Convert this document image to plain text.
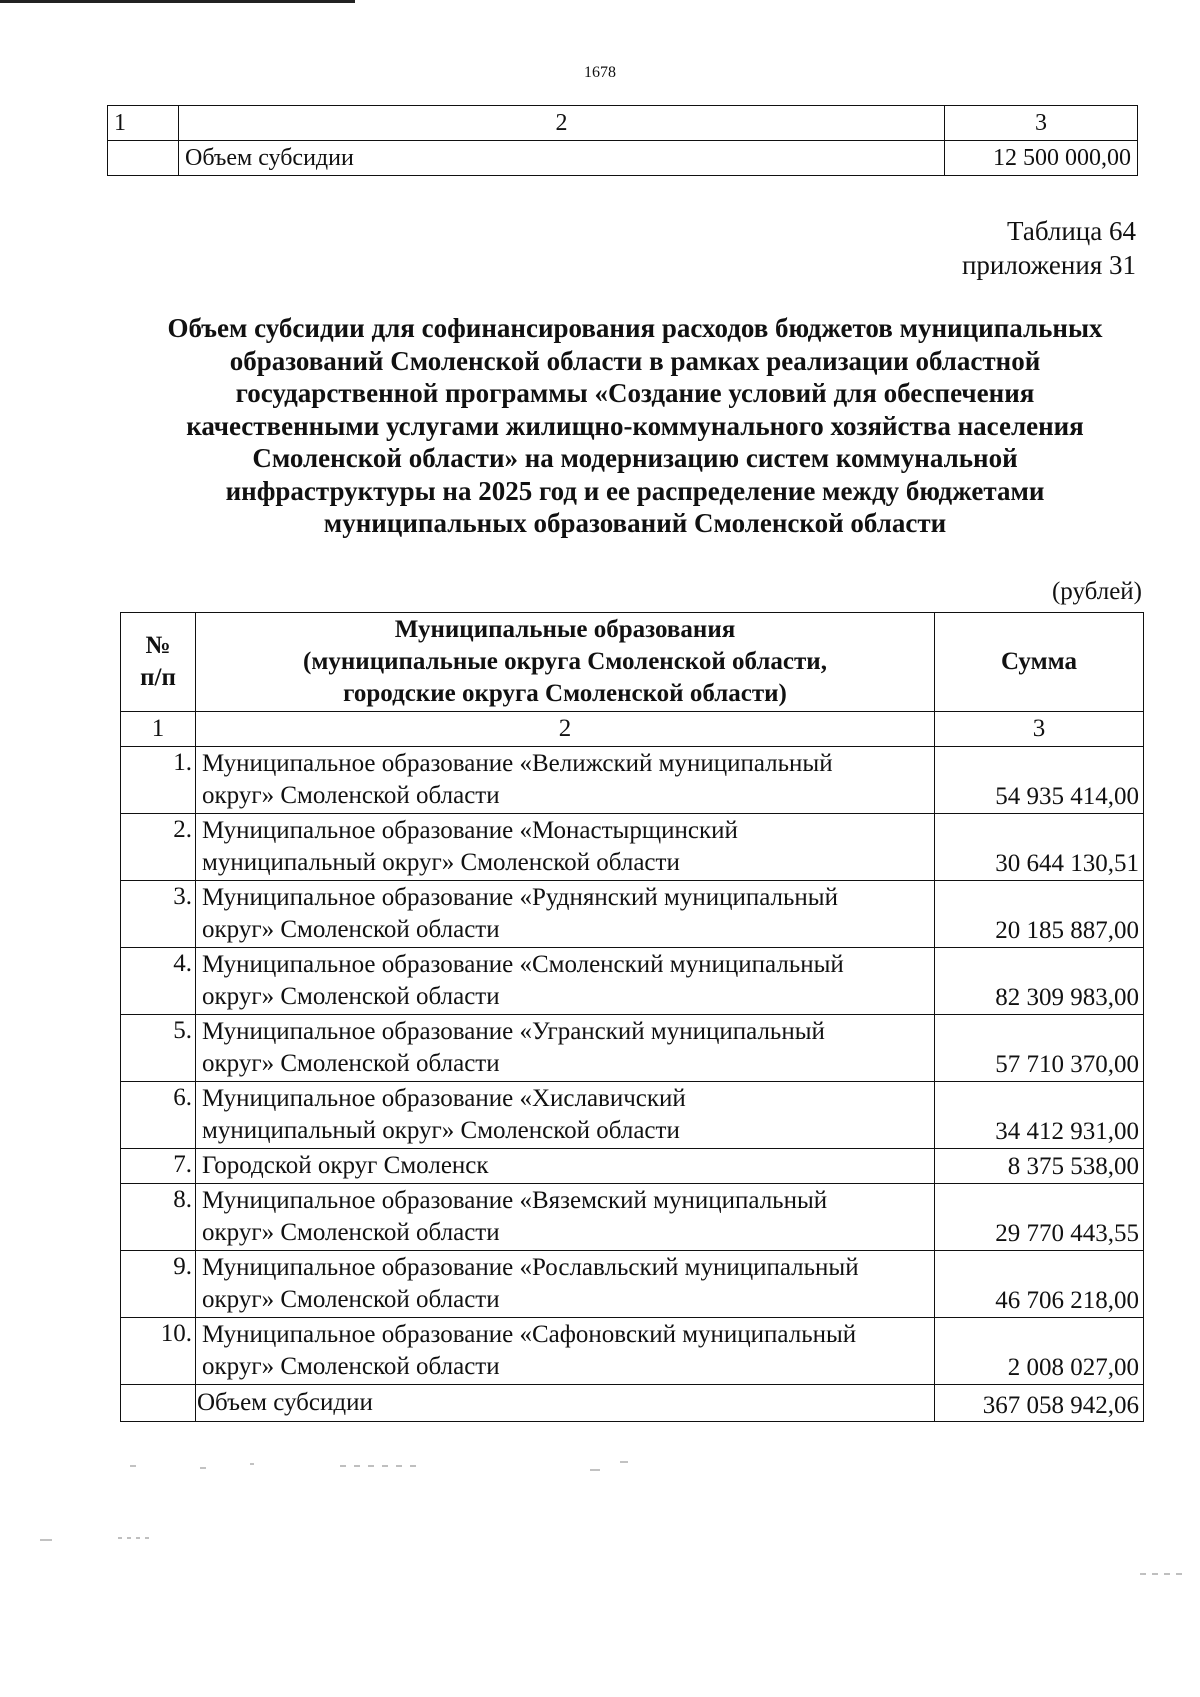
1678
1	2	3
	Объем субсидии	12 500 000,00
Таблица 64
приложения 31
Объем субсидии для софинансирования расходов бюджетов муниципальных
образований Смоленской области в рамках реализации областной
государственной программы «Создание условий для обеспечения
качественными услугами жилищно-коммунального хозяйства населения
Смоленской области» на модернизацию систем коммунальной
инфраструктуры на 2025 год и ее распределение между бюджетами
муниципальных образований Смоленской области
(рублей)
№
п/п	Муниципальные образования
(муниципальные округа Смоленской области,
городские округа Смоленской области)	Сумма
1	2	3
1.	Муниципальное образование «Велижский муниципальный
округ» Смоленской области	54 935 414,00
2.	Муниципальное образование «Монастырщинский
муниципальный округ» Смоленской области	30 644 130,51
3.	Муниципальное образование «Руднянский муниципальный
округ» Смоленской области	20 185 887,00
4.	Муниципальное образование «Смоленский муниципальный
округ» Смоленской области	82 309 983,00
5.	Муниципальное образование «Угранский муниципальный
округ» Смоленской области	57 710 370,00
6.	Муниципальное образование «Хиславичский
муниципальный округ» Смоленской области	34 412 931,00
7.	Городской округ Смоленск	8 375 538,00
8.	Муниципальное образование «Вяземский муниципальный
округ» Смоленской области	29 770 443,55
9.	Муниципальное образование «Рославльский муниципальный
округ» Смоленской области	46 706 218,00
10.	Муниципальное образование «Сафоновский муниципальный
округ» Смоленской области	2 008 027,00
	Объем субсидии	367 058 942,06
